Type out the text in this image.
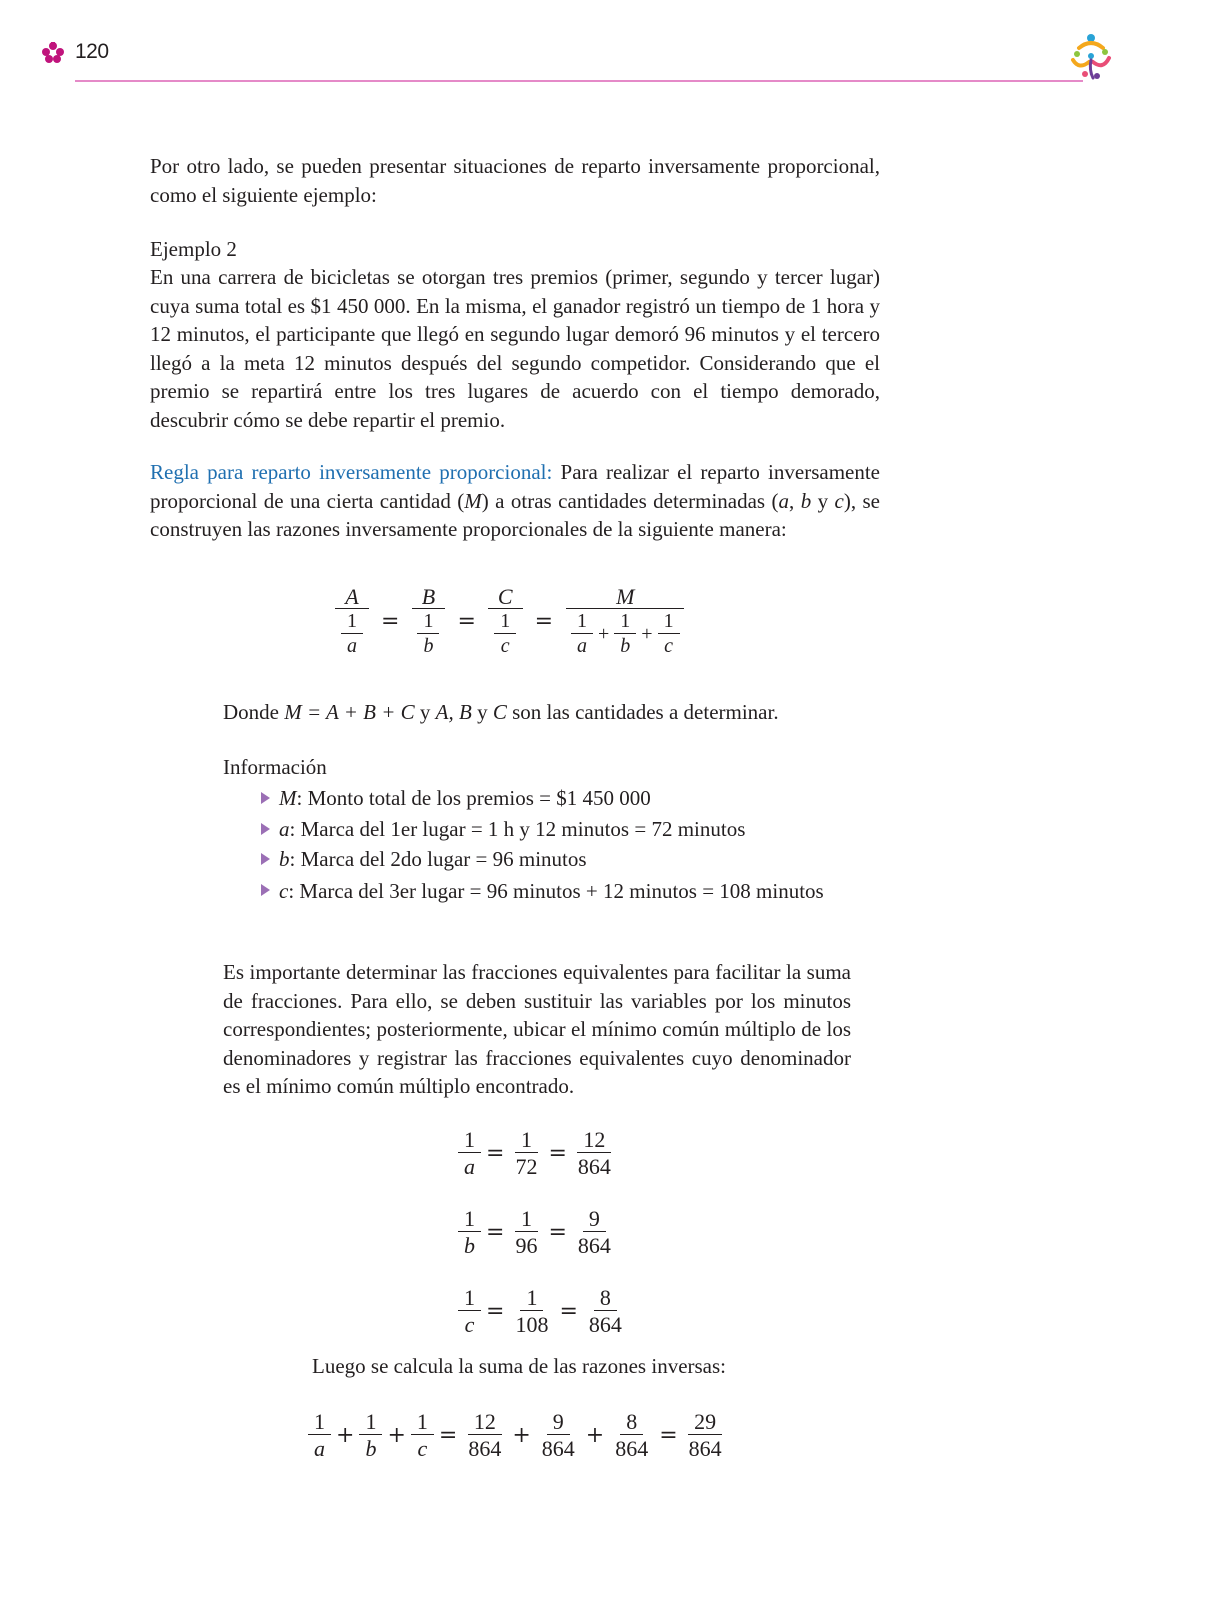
120

Por otro lado, se pueden presentar situaciones de reparto inversamente proporcional, como el siguiente ejemplo:

Ejemplo 2

En una carrera de bicicletas se otorgan tres premios (primer, segundo y tercer lugar) cuya suma total es $1 450 000. En la misma, el ganador registró un tiempo de 1 hora y 12 minutos, el participante que llegó en segundo lugar demoró 96 minutos y el tercero llegó a la meta 12 minutos después del segundo competidor. Considerando que el premio se repartirá entre los tres lugares de acuerdo con el tiempo demorado, descubrir cómo se debe repartir el premio.

Regla para reparto inversamente proporcional: Para realizar el reparto inversamente proporcional de una cierta cantidad (M) a otras cantidades determinadas (a, b y c), se construyen las razones inversamente proporcionales de la siguiente manera:

$\frac{A}{\frac{1}{a}} = \frac{B}{\frac{1}{b}} = \frac{C}{\frac{1}{c}} = \frac{M}{\frac{1}{a} + \frac{1}{b} + \frac{1}{c}}$
Donde M = A + B + C y A, B y C son las cantidades a determinar.
Información
M: Monto total de los premios = $1 450 000
a: Marca del 1er lugar = 1 h y 12 minutos = 72 minutos
b: Marca del 2do lugar = 96 minutos
c: Marca del 3er lugar = 96 minutos + 12 minutos = 108 minutos

Es importante determinar las fracciones equivalentes para facilitar la suma de fracciones. Para ello, se deben sustituir las variables por los minutos correspondientes; posteriormente, ubicar el mínimo común múltiplo de los denominadores y registrar las fracciones equivalentes cuyo denominador es el mínimo común múltiplo encontrado.

$\frac{1}{a} = \frac{1}{72} = \frac{12}{864}$
$\frac{1}{b} = \frac{1}{96} = \frac{9}{864}$
$\frac{1}{c} = \frac{1}{108} = \frac{8}{864}$
Luego se calcula la suma de las razones inversas:
$\frac{1}{a} + \frac{1}{b} + \frac{1}{c} = \frac{12}{864} + \frac{9}{864} + \frac{8}{864} = \frac{29}{864}$
